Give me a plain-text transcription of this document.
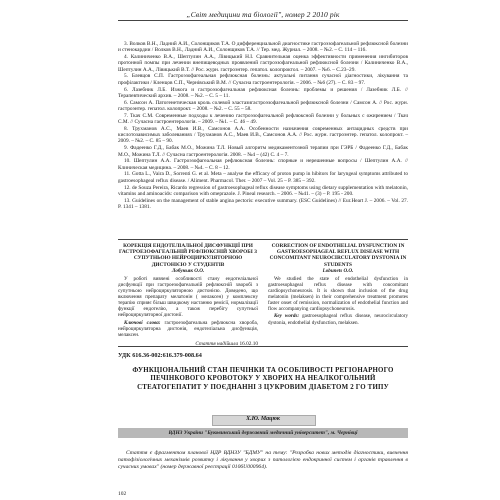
„Світ медицини та біології", номер 2 2010 рік

3. Волков В.Н., Ладний А.И., Солонщиков Т.А. О дифференциальной диагностике гастроэзофагеальной рефлюксной болезни и стенокардии / Волков В.Н., Ладний А.И., Солонщиков Т.А. // Тер. мед. Журнал. – 2008. – №2. – С. 114 – 116.

4. Калиниченко В.А., Шептулин А.А., Лівицький Н.І. Сравнительная оценка эффективности применения ингибиторов протонной помпы при лечении внепищеводных проявлений гастроэзофагеальной рефлюксной болезни / Калиниченко В.А., Шептулин А.А., Лівицький В.Т. // Рос. журн. гастроэнтер. гепатол. колопроктол. – 2007. – №6. – С.23–29.

5. Блевцов С.П. Гастроэзофагеальная рефлюксная болезнь: актуальні питання сучасної діагностики, лікування та профілактики / Кленцов С.П., Чернівський В.М. // Сучасна гастроентерологія. – 2006. – №6 (27). – С. 83 – 97.

6. Лазебник Л.Б. Изжога и гастроэзофагеальная рефлюксная болезнь: проблемы и решения / Лазебник Л.Б. // Терапевтический архив. – 2008. – №2. – С. 5 – 11.

6. Самсон А. Патогенетическая кроль солевой эластазигастроэзофагеальной рефлюксной болезни / Самсон А. // Рос. журн. гастроэнтер. гепатол. колопрокт. – 2008. – №2. – С. 55 – 58.

7. Ткач С.М. Современные подходы к лечению гастроэзофагеальной рефлюксной болезни у больных с ожирением / Ткач С.М. // Сучасна гастроентерологія. – 2009. – №1. – С. 46 – 49.

8. Трухманов А.С., Маев И.В., Самсонов А.А. Особенности назначения современных антацидных средств при кислотозависимых заболеваниях / Трухманов А.С., Маев И.В., Самсонов А.А. // Рос. журн. гастроэнтер. гепатол. колопрокт. – 2009. – №2. – С. 85 – 90.

9. Фадеенко Г.Д., Бабак М.О., Можина Т.Л. Новый алгоритм медикаментозной терапии при ГЭРБ / Фадеенко Г.Д., Бабак М.О., Можина Т.Л. // Сучасна гастроентерологія. 2008. – №4 – (42) С. 4 – 7.

10. Шептулин А.А. Гастроэзофагеальная рефлюксная болезнь: спорные и нерешенные вопросы / Шептулин А.А. // Клиническая медицина. – 2008. – №4. – С. 8 – 12.

11. Gotta L., Vaira D., Sorrenti G. et al. Meta – analyse the efficacy of proton pump in hibitors for laryngeal symptoms attributed to gastroesophageal reflux disease. / Aliment. Pharmacol. Ther. – 2007 – Vol. 25 – P. 385 – 392.

12. de Souza Pereira, Ricardo regression of gastroesophageal reflux disease symptoms using dietary supplementation with melatonin, vitamins and aminoacids: comparison with omeprazole. J. Pineal research. – 2006. – №41. – (3) – P. 195 - 200.

13. Guidelines on the management of stable angina pectoris: executive summary. (ESC Guidelines) // Eur.Heart J. – 2006. – Vol. 27. P. 1341 – 1381.

КОРЕКЦІЯ ЕНДОТЕЛІАЛЬНОЇ ДИСФУНКЦІЇ ПРИ ГАСТРОЕЗОФАГЕАЛЬНІЙ РЕФЛЮКСНІЙ ХВОРОБІ З СУПУТНЬОЮ НЕЙРОЦИРКУЛЯТОРНОЮ ДИСТОНІЄЮ У СТУДЕНТІВ
Лобуньяк О.О.

У роботі вивчені особливості стану ендотеліальної дисфункції при гастроезофагеальній рефлюксній хворобі з супутньою нейроциркуляторною дистонією. Доведено, що включення препарату мелатонін ( мелаксен) у комплексну терапію сприяє більш швидкому настанню ремісії, нормалізації функції ендотелію, а також перебігу супутньої нейроциркуляторної дистонії.

Ключові слова: гастроезофагеальна рефлюксна хвороба, нейроциркуляторна дистонія, ендотеліальна дисфункція, мелаксен.

Стаття надійшла 16.02.10
CORRECTION OF ENDOTHELIAL DYSFUNCTION IN GASTROESOPHAGEAL REFLUX DISEASE WITH CONCOMITANT NEUROCIRCULATORY DYSTONIA IN STUDENTS
Lobunets O.O.

We studied the state of endothelial dysfunction in gastroesophageal reflux disease with concomitant cardiopsychoneurosis. It is shown that inclusion of the drug melatonin (melaksen) in their comprehensive treatment promotes faster onset of remission, normalization of endothelial function and flow accompanying cardiopsychoneurosis.

Key words: gastroesophageal reflux disease, neurocirculatory dystonia, endothelial dysfunction, melaksen.

УДК 616.36-002:616.379-008.64
ФУНКЦІОНАЛЬНИЙ СТАН ПЕЧІНКИ ТА ОСОБЛИВОСТІ РЕГІОНАРНОГО ПЕЧІНКОВОГО КРОВОТОКУ У ХВОРИХ НА НЕАЛКОГОЛЬНИЙ СТЕАТОГЕПАТИТ У ПОЄДНАННІ З ЦУКРОВИМ ДІАБЕТОМ 2 ГО ТИПУ
Х.Ю. Мацюк
ВДНЗ України "Буковинський державний медичний університет", м. Чернівці
Стаття є фрагментом планової НДР ВДНЗУ "БДМУ" на тему: "Розробка нових методів діагностики, вивчення патофізіологічних механізмів розвитку і лікування у хворих з патологією ендокринної систем і органів травлення в сучасних умовах" (номер державної реєстрації 0106U000964).
102
